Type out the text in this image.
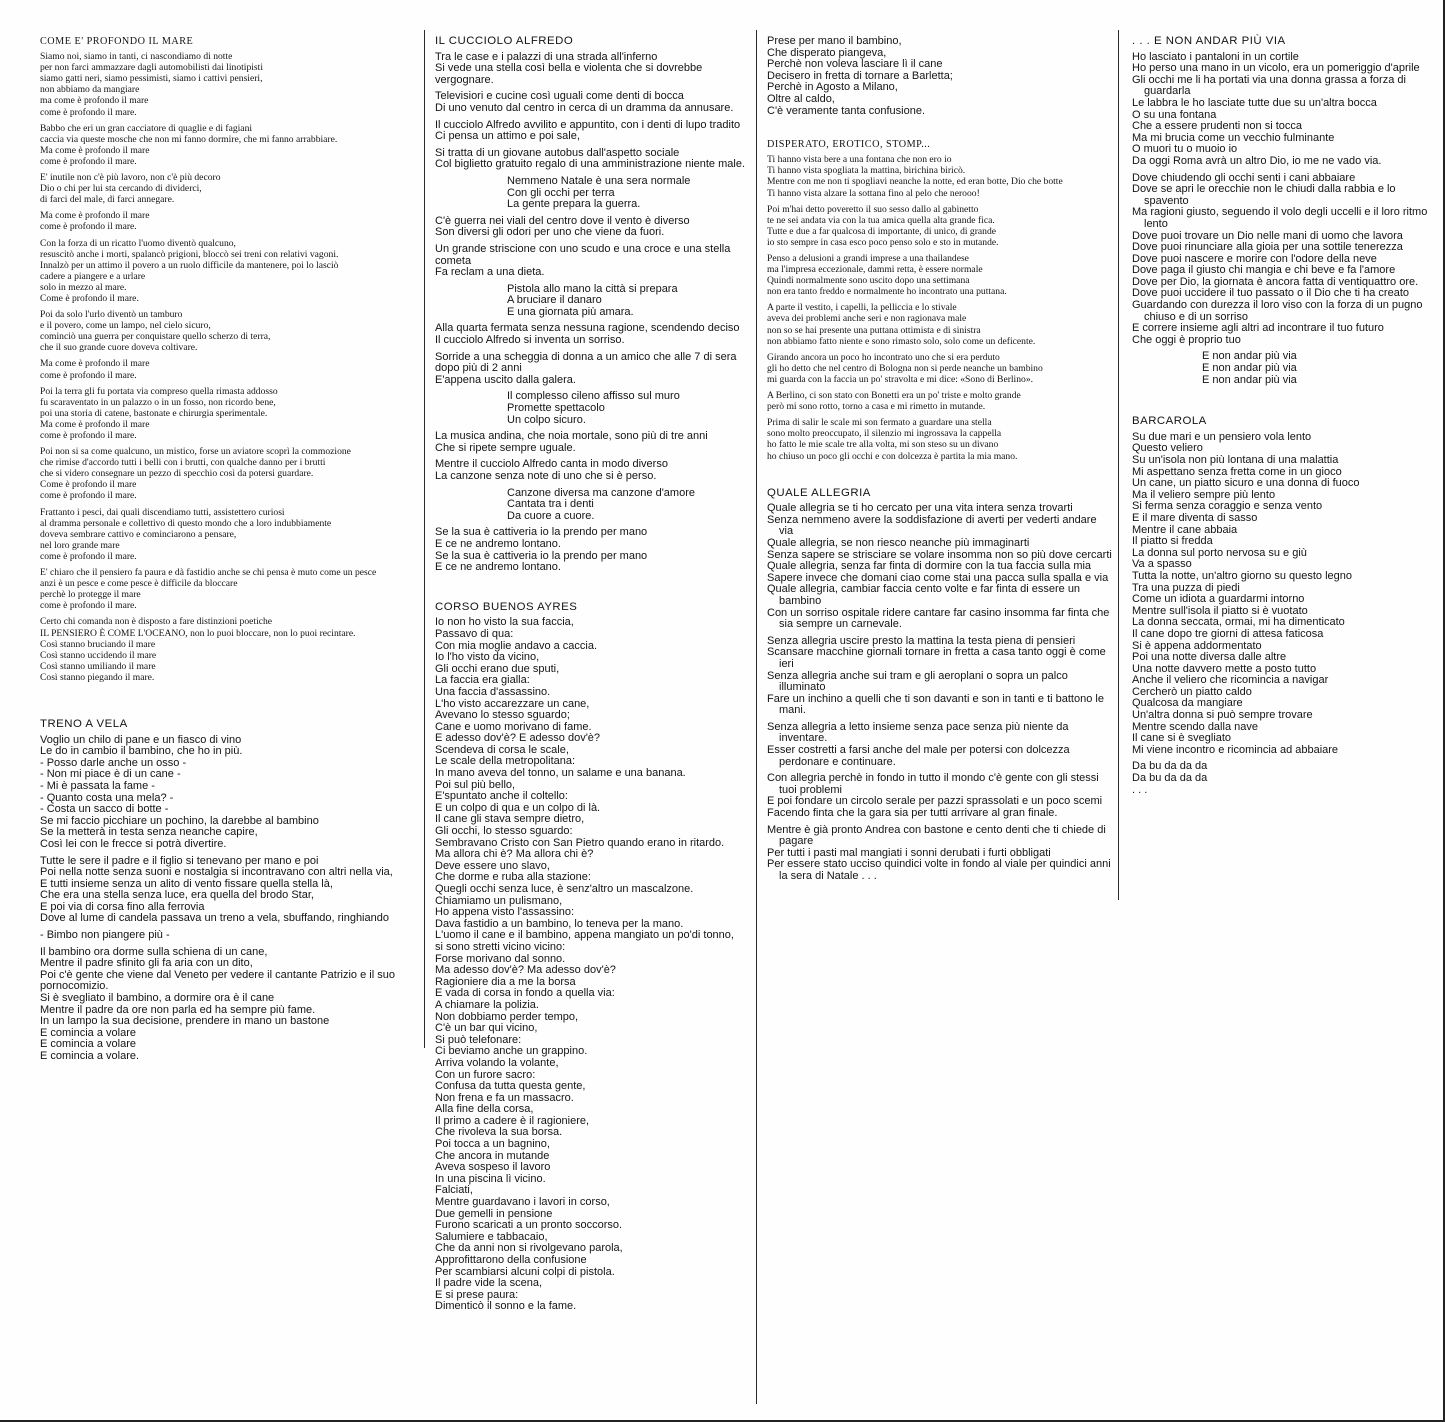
COME E' PROFONDO IL MARE
Siamo noi, siamo in tanti, ci nascondiamo di notte
per non farci ammazzare dagli automobilisti dai linotipisti
siamo gatti neri, siamo pessimisti, siamo i cattivi pensieri,
non abbiamo da mangiare
ma come è profondo il mare
come è profondo il mare.
Babbo che eri un gran cacciatore di quaglie e di fagiani
caccia via queste mosche che non mi fanno dormire, che mi fanno arrabbiare.
Ma come è profondo il mare
come è profondo il mare.
E' inutile non c'è più lavoro, non c'è più decoro
Dio o chi per lui sta cercando di dividerci,
di farci del male, di farci annegare.
Ma come è profondo il mare
come è profondo il mare.
Con la forza di un ricatto l'uomo diventò qualcuno,
resuscitò anche i morti, spalancò prigioni, bloccò sei treni con relativi vagoni.
Innalzò per un attimo il povero a un ruolo difficile da mantenere, poi lo lasciò
cadere a piangere e a urlare
solo in mezzo al mare.
Come è profondo il mare.
Poi da solo l'urlo diventò un tamburo
e il povero, come un lampo, nel cielo sicuro,
cominciò una guerra per conquistare quello scherzo di terra,
che il suo grande cuore doveva coltivare.
Ma come è profondo il mare
come è profondo il mare.
Poi la terra gli fu portata via compreso quella rimasta addosso
fu scaraventato in un palazzo o in un fosso, non ricordo bene,
poi una storia di catene, bastonate e chirurgia sperimentale.
Ma come è profondo il mare
come è profondo il mare.
Poi non si sa come qualcuno, un mistico, forse un aviatore scoprì la commozione
che rimise d'accordo tutti i belli con i brutti, con qualche danno per i brutti
che si videro consegnare un pezzo di specchio così da potersi guardare.
Come è profondo il mare
come è profondo il mare.
Frattanto i pesci, dai quali discendiamo tutti, assistettero curiosi
al dramma personale e collettivo di questo mondo che a loro indubbiamente
doveva sembrare cattivo e cominciarono a pensare,
nel loro grande mare
come è profondo il mare.
E' chiaro che il pensiero fa paura e dà fastidio anche se chi pensa è muto come un pesce
anzi è un pesce e come pesce è difficile da bloccare
perchè lo protegge il mare
come è profondo il mare.
Certo chi comanda non è disposto a fare distinzioni poetiche
IL PENSIERO È COME L'OCEANO, non lo puoi bloccare, non lo puoi recintare.
Così stanno bruciando il mare
Così stanno uccidendo il mare
Così stanno umiliando il mare
Così stanno piegando il mare.
TRENO A VELA
Voglio un chilo di pane e un fiasco di vino
Le do in cambio il bambino, che ho in più.
- Posso darle anche un osso -
- Non mi piace è di un cane -
- Mi è passata la fame -
- Quanto costa una mela? -
- Costa un sacco di botte -
Se mi faccio picchiare un pochino, la darebbe al bambino
Se la metterà in testa senza neanche capire,
Così lei con le frecce si potrà divertire.
Tutte le sere il padre e il figlio si tenevano per mano e poi
Poi nella notte senza suoni e nostalgia si incontravano con altri nella via,
E tutti insieme senza un alito di vento fissare quella stella là,
Che era una stella senza luce, era quella del brodo Star,
E poi via di corsa fino alla ferrovia
Dove al lume di candela passava un treno a vela, sbuffando, ringhiando
- Bimbo non piangere più -
Il bambino ora dorme sulla schiena di un cane,
Mentre il padre sfinito gli fa aria con un dito,
Poi c'è gente che viene dal Veneto per vedere il cantante Patrizio e il suo pornocomizio.
Si è svegliato il bambino, a dormire ora è il cane
Mentre il padre da ore non parla ed ha sempre più fame.
In un lampo la sua decisione, prendere in mano un bastone
E comincia a volare
E comincia a volare
E comincia a volare.
IL CUCCIOLO ALFREDO
Tra le case e i palazzi di una strada all'inferno
Si vede una stella così bella e violenta che si dovrebbe vergognare.
Televisiori e cucine così uguali come denti di bocca
Di uno venuto dal centro in cerca di un dramma da annusare.
Il cucciolo Alfredo avvilito e appuntito, con i denti di lupo tradito
Ci pensa un attimo e poi sale,
Si tratta di un giovane autobus dall'aspetto sociale
Col biglietto gratuito regalo di una amministrazione niente male.
Nemmeno Natale è una sera normale
Con gli occhi per terra
La gente prepara la guerra.
C'è guerra nei viali del centro dove il vento è diverso
Son diversi gli odori per uno che viene da fuori.
Un grande striscione con uno scudo e una croce e una stella cometa
Fa reclam a una dieta.
Pistola allo mano la città si prepara
A bruciare il danaro
E una giornata più amara.
Alla quarta fermata senza nessuna ragione, scendendo deciso
Il cucciolo Alfredo si inventa un sorriso.
Sorride a una scheggia di donna a un amico che alle 7 di sera dopo più di 2 anni
E'appena uscito dalla galera.
Il complesso cileno affisso sul muro
Promette spettacolo
Un colpo sicuro.
La musica andina, che noia mortale, sono più di tre anni
Che si ripete sempre uguale.
Mentre il cucciolo Alfredo canta in modo diverso
La canzone senza note di uno che si è perso.
Canzone diversa ma canzone d'amore
Cantata tra i denti
Da cuore a cuore.
Se la sua è cattiveria io la prendo per mano
E ce ne andremo lontano.
Se la sua è cattiveria io la prendo per mano
E ce ne andremo lontano.
CORSO BUENOS AYRES
Io non ho visto la sua faccia,
Passavo di qua:
Con mia moglie andavo a caccia.
Io l'ho visto da vicino,
Gli occhi erano due sputi,
La faccia era gialla:
Una faccia d'assassino.
L'ho visto accarezzare un cane,
Avevano lo stesso sguardo;
Cane e uomo morivano di fame.
E adesso dov'è? E adesso dov'è?
Scendeva di corsa le scale,
Le scale della metropolitana:
In mano aveva del tonno, un salame e una banana.
Poi sul più bello,
E'spuntato anche il coltello:
E un colpo di qua e un colpo di là.
Il cane gli stava sempre dietro,
Gli occhi, lo stesso sguardo:
Sembravano Cristo con San Pietro quando erano in ritardo.
Ma allora chi è? Ma allora chi è?
Deve essere uno slavo,
Che dorme e ruba alla stazione:
Quegli occhi senza luce, è senz'altro un mascalzone.
Chiamiamo un pulismano,
Ho appena visto l'assassino:
Dava fastidio a un bambino, lo teneva per la mano.
L'uomo il cane e il bambino, appena mangiato un po'di tonno,
si sono stretti vicino vicino:
Forse morivano dal sonno.
Ma adesso dov'è? Ma adesso dov'è?
Ragioniere dia a me la borsa
E vada di corsa in fondo a quella via:
A chiamare la polizia.
Non dobbiamo perder tempo,
C'è un bar qui vicino,
Si può telefonare:
Ci beviamo anche un grappino.
Arriva volando la volante,
Con un furore sacro:
Confusa da tutta questa gente,
Non frena e fa un massacro.
Alla fine della corsa,
Il primo a cadere è il ragioniere,
Che rivoleva la sua borsa.
Poi tocca a un bagnino,
Che ancora in mutande
Aveva sospeso il lavoro
In una piscina lì vicino.
Falciati,
Mentre guardavano i lavori in corso,
Due gemelli in pensione
Furono scaricati a un pronto soccorso.
Salumiere e tabbacaio,
Che da anni non si rivolgevano parola,
Approfittarono della confusione
Per scambiarsi alcuni colpi di pistola.
Il padre vide la scena,
E si prese paura:
Dimenticò il sonno e la fame.
Prese per mano il bambino,
Che disperato piangeva,
Perchè non voleva lasciare lì il cane
Decisero in fretta di tornare a Barletta;
Perchè in Agosto a Milano,
Oltre al caldo,
C'è veramente tanta confusione.
DISPERATO, EROTICO, STOMP...
Ti hanno vista bere a una fontana che non ero io
Ti hanno vista spogliata la mattina, birichina biricò.
Mentre con me non ti spogliavi neanche la notte, ed eran botte, Dio che botte
Ti hanno vista alzare la sottana fino al pelo che nerooo!
Poi m'hai detto poveretto il suo sesso dallo al gabinetto
te ne sei andata via con la tua amica quella alta grande fica.
Tutte e due a far qualcosa di importante, di unico, di grande
io sto sempre in casa esco poco penso solo e sto in mutande.
Penso a delusioni a grandi imprese a una thailandese
ma l'impresa eccezionale, dammi retta, è essere normale
Quindi normalmente sono uscito dopo una settimana
non era tanto freddo e normalmente ho incontrato una puttana.
A parte il vestito, i capelli, la pelliccia e lo stivale
aveva dei problemi anche seri e non ragionava male
non so se hai presente una puttana ottimista e di sinistra
non abbiamo fatto niente e sono rimasto solo, solo come un deficente.
Girando ancora un poco ho incontrato uno che si era perduto
gli ho detto che nel centro di Bologna non si perde neanche un bambino
mi guarda con la faccia un po' stravolta e mi dice: «Sono di Berlino».
A Berlino, ci son stato con Bonetti era un po' triste e molto grande
però mi sono rotto, torno a casa e mi rimetto in mutande.
Prima di salir le scale mi son fermato a guardare una stella
sono molto preoccupato, il silenzio mi ingrossava la cappella
ho fatto le mie scale tre alla volta, mi son steso su un divano
ho chiuso un poco gli occhi e con dolcezza è partita la mia mano.
QUALE ALLEGRIA
Quale allegria se ti ho cercato per una vita intera senza trovarti
Senza nemmeno avere la soddisfazione di averti per vederti andare via
Quale allegria, se non riesco neanche più immaginarti
Senza sapere se strisciare se volare insomma non so più dove cercarti
Quale allegria, senza far finta di dormire con la tua faccia sulla mia
Sapere invece che domani ciao come stai una pacca sulla spalla e via
Quale allegria, cambiar faccia cento volte e far finta di essere un bambino
Con un sorriso ospitale ridere cantare far casino insomma far finta che sia sempre un carnevale.
Senza allegria uscire presto la mattina la testa piena di pensieri
Scansare macchine giornali tornare in fretta a casa tanto oggi è come ieri
Senza allegria anche sui tram e gli aeroplani o sopra un palco illuminato
Fare un inchino a quelli che ti son davanti e son in tanti e ti battono le mani.
Senza allegria a letto insieme senza pace senza più niente da inventare.
Esser costretti a farsi anche del male per potersi con dolcezza perdonare e continuare.
Con allegria perchè in fondo in tutto il mondo c'è gente con gli stessi tuoi problemi
E poi fondare un circolo serale per pazzi sprassolati e un poco scemi
Facendo finta che la gara sia per tutti arrivare al gran finale.
Mentre è già pronto Andrea con bastone e cento denti che ti chiede di pagare
Per tutti i pasti mal mangiati i sonni derubati i furti obbligati
Per essere stato ucciso quindici volte in fondo al viale per quindici anni la sera di Natale . . .
. . . E NON ANDAR PIÙ VIA
Ho lasciato i pantaloni in un cortile
Ho perso una mano in un vicolo, era un pomeriggio d'aprile
Gli occhi me li ha portati via una donna grassa a forza di guardarla
Le labbra le ho lasciate tutte due su un'altra bocca
O su una fontana
Che a essere prudenti non si tocca
Ma mi brucia come un vecchio fulminante
O muori tu o muoio io
Da oggi Roma avrà un altro Dio, io me ne vado via.
Dove chiudendo gli occhi senti i cani abbaiare
Dove se apri le orecchie non le chiudi dalla rabbia e lo spavento
Ma ragioni giusto, seguendo il volo degli uccelli e il loro ritmo lento
Dove puoi trovare un Dio nelle mani di uomo che lavora
Dove puoi rinunciare alla gioia per una sottile tenerezza
Dove puoi nascere e morire con l'odore della neve
Dove paga il giusto chi mangia e chi beve e fa l'amore
Dove per Dio, la giornata è ancora fatta di ventiquattro ore.
Dove puoi uccidere il tuo passato o il Dio che ti ha creato
Guardando con durezza il loro viso con la forza di un pugno chiuso e di un sorriso
E correre insieme agli altri ad incontrare il tuo futuro
Che oggi è proprio tuo
E non andar più via
E non andar più via
E non andar più via
BARCAROLA
Su due mari e un pensiero vola lento
Questo veliero
Su un'isola non più lontana di una malattia
Mi aspettano senza fretta come in un gioco
Un cane, un piatto sicuro e una donna di fuoco
Ma il veliero sempre più lento
Si ferma senza coraggio e senza vento
E il mare diventa di sasso
Mentre il cane abbaia
Il piatto si fredda
La donna sul porto nervosa su e giù
Va a spasso
Tutta la notte, un'altro giorno su questo legno
Tra una puzza di piedi
Come un idiota a guardarmi intorno
Mentre sull'isola il piatto si è vuotato
La donna seccata, ormai, mi ha dimenticato
Il cane dopo tre giorni di attesa faticosa
Si è appena addormentato
Poi una notte diversa dalle altre
Una notte davvero mette a posto tutto
Anche il veliero che ricomincia a navigar
Cercherò un piatto caldo
Qualcosa da mangiare
Un'altra donna si può sempre trovare
Mentre scendo dalla nave
Il cane si è svegliato
Mi viene incontro e ricomincia ad abbaiare
Da bu da da da
Da bu da da da
. . .
